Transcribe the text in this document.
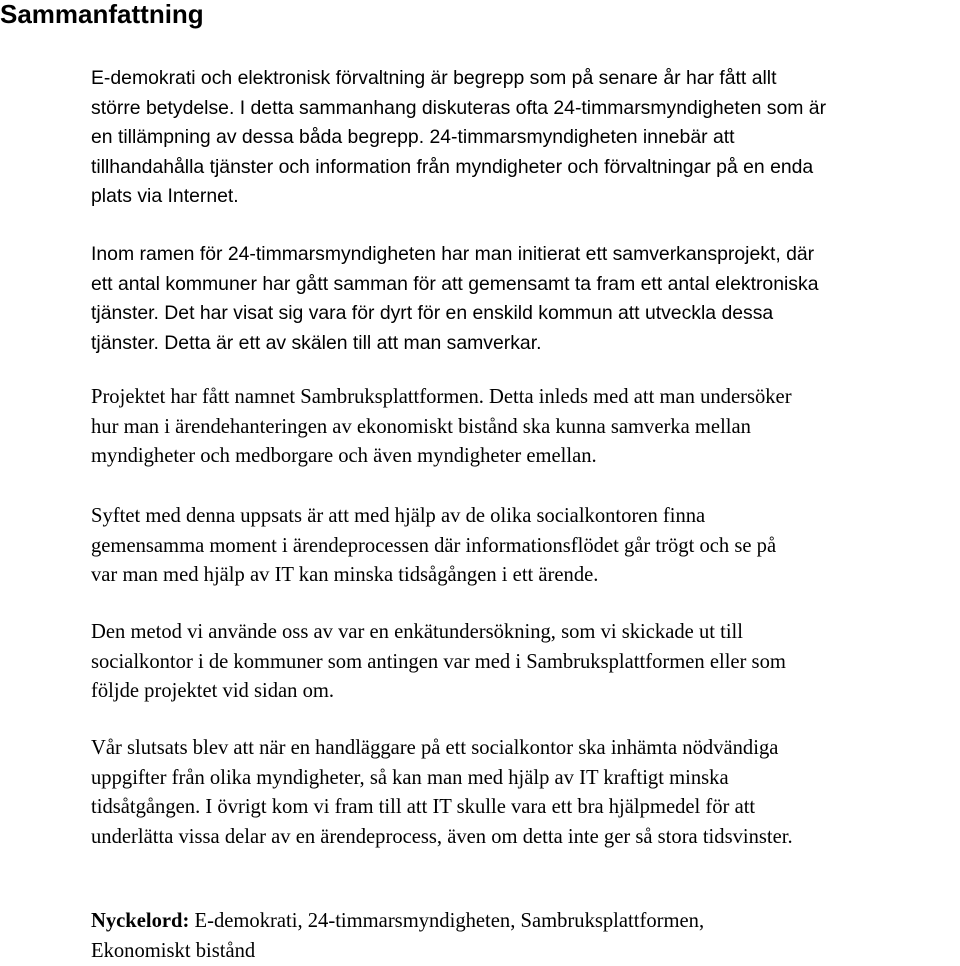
Sammanfattning

E-demokrati och elektronisk förvaltning är begrepp som på senare år har fått allt
större betydelse. I detta sammanhang diskuteras ofta 24-timmarsmyndigheten som är
en tillämpning av dessa båda begrepp. 24-timmarsmyndigheten innebär att
tillhandahålla tjänster och information från myndigheter och förvaltningar på en enda
plats via Internet.

Inom ramen för 24-timmarsmyndigheten har man initierat ett samverkansprojekt, där
ett antal kommuner har gått samman för att gemensamt ta fram ett antal elektroniska
tjänster. Det har visat sig vara för dyrt för en enskild kommun att utveckla dessa
tjänster. Detta är ett av skälen till att man samverkar.

Projektet har fått namnet Sambruksplattformen. Detta inleds med att man undersöker
hur man i ärendehanteringen av ekonomiskt bistånd ska kunna samverka mellan
myndigheter och medborgare och även myndigheter emellan.

Syftet med denna uppsats är att med hjälp av de olika socialkontoren finna
gemensamma moment i ärendeprocessen där informationsflödet går trögt och se på
var man med hjälp av IT kan minska tidsågången i ett ärende.

Den metod vi använde oss av var en enkätundersökning, som vi skickade ut till
socialkontor i de kommuner som antingen var med i Sambruksplattformen eller som
följde projektet vid sidan om.

Vår slutsats blev att när en handläggare på ett socialkontor ska inhämta nödvändiga
uppgifter från olika myndigheter, så kan man med hjälp av IT kraftigt minska
tidsåtgången. I övrigt kom vi fram till att IT skulle vara ett bra hjälpmedel för att
underlätta vissa delar av en ärendeprocess, även om detta inte ger så stora tidsvinster.

Nyckelord: E-demokrati, 24-timmarsmyndigheten, Sambruksplattformen,
Ekonomiskt bistånd
